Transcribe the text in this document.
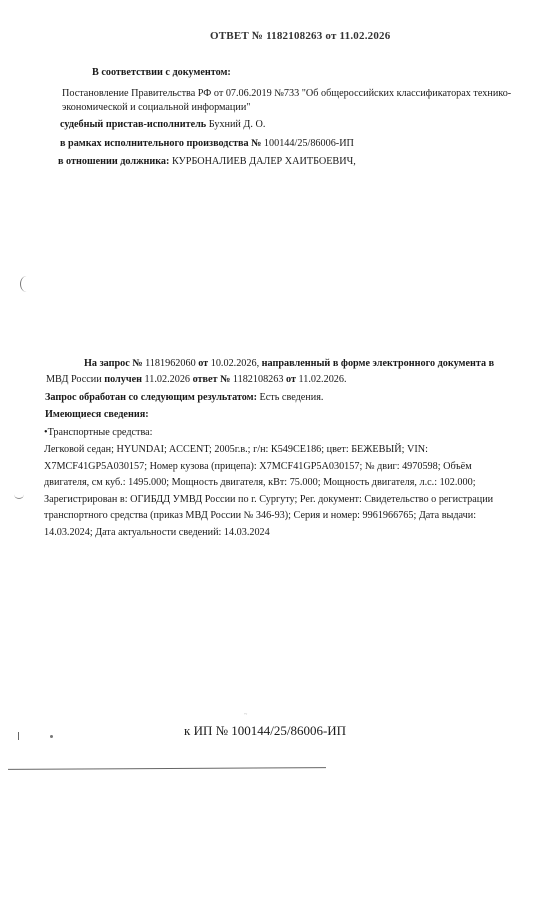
ОТВЕТ № 1182108263 от 11.02.2026
В соответствии с документом:
Постановление Правительства РФ от 07.06.2019 №733 "Об общероссийских классификаторах технико-
экономической и социальной информации"
судебный пристав-исполнитель Бухний Д. О.
в рамках исполнительного производства № 100144/25/86006-ИП
в отношении должника: КУРБОНАЛИЕВ ДАЛЕР ХАИТБОЕВИЧ,
На запрос № 1181962060 от 10.02.2026, направленный в форме электронного документа в
МВД России получен 11.02.2026 ответ № 1182108263 от 11.02.2026.
Запрос обработан со следующим результатом: Есть сведения.
Имеющиеся сведения:
•Транспортные средства:

Легковой седан; HYUNDAI; ACCENT; 2005г.в.; г/н: К549СЕ186; цвет: БЕЖЕВЫЙ; VIN:

X7MCF41GP5A030157; Номер кузова (прицепа): X7MCF41GP5A030157; № двиг: 4970598; Объём

двигателя, см куб.: 1495.000; Мощность двигателя, кВт: 75.000; Мощность двигателя, л.с.: 102.000;

Зарегистрирован в: ОГИБДД УМВД России по г. Сургуту; Рег. документ: Свидетельство о регистрации

транспортного средства (приказ МВД России № 346-93); Серия и номер: 9961966765; Дата выдачи:

14.03.2024; Дата актуальности сведений: 14.03.2024

~
к ИП № 100144/25/86006-ИП
